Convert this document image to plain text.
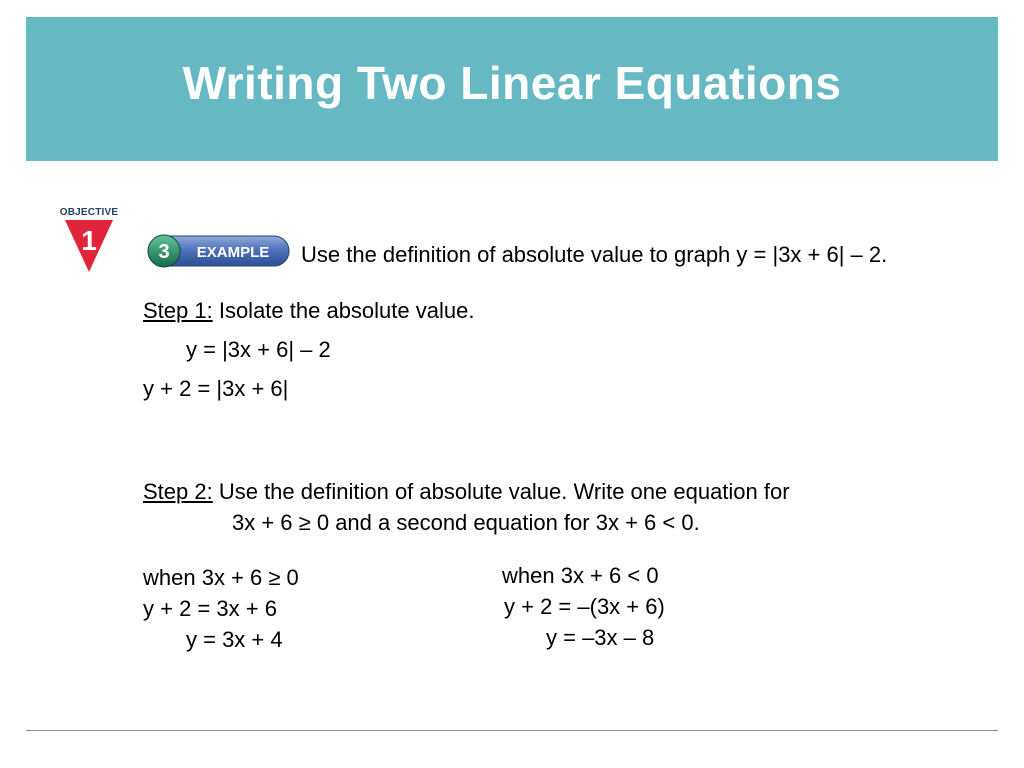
Writing Two Linear Equations
OBJECTIVE
1	3 EXAMPLE Use the definition of absolute value to graph y = |3x + 6| – 2.
Step 1: Isolate the absolute value.
y = |3x + 6| – 2
y + 2 = |3x + 6|
Step 2: Use the definition of absolute value. Write one equation for
3x + 6 ≥ 0 and a second equation for 3x + 6 < 0.
when 3x + 6 ≥ 0
y + 2 = 3x + 6
y = 3x + 4
when 3x + 6 < 0
y + 2 = –(3x + 6)
y = –3x – 8
